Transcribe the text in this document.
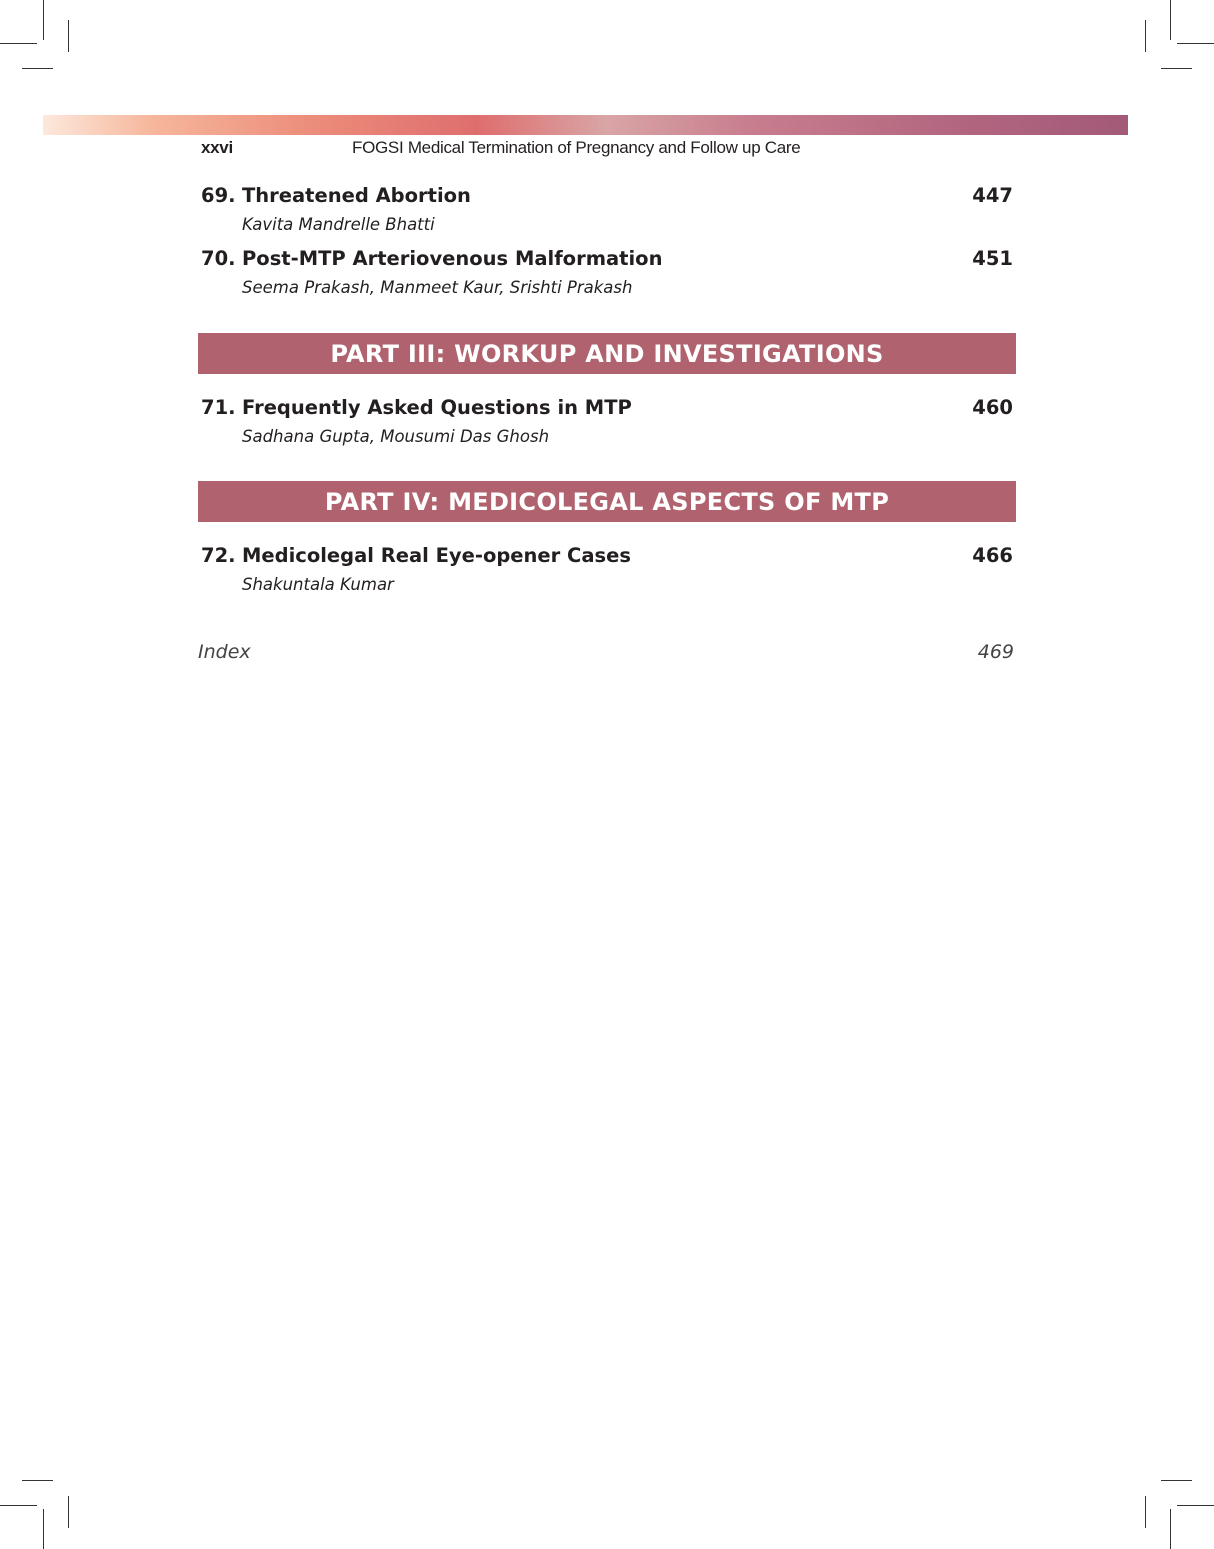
xxvi	FOGSI Medical Termination of Pregnancy and Follow up Care
69. Threatened Abortion	447
Kavita Mandrelle Bhatti
70. Post-MTP Arteriovenous Malformation	451
Seema Prakash, Manmeet Kaur, Srishti Prakash
PART III: WORKUP AND INVESTIGATIONS
71. Frequently Asked Questions in MTP	460
Sadhana Gupta, Mousumi Das Ghosh
PART IV: MEDICOLEGAL ASPECTS OF MTP
72. Medicolegal Real Eye-opener Cases	466
Shakuntala Kumar
Index	469
